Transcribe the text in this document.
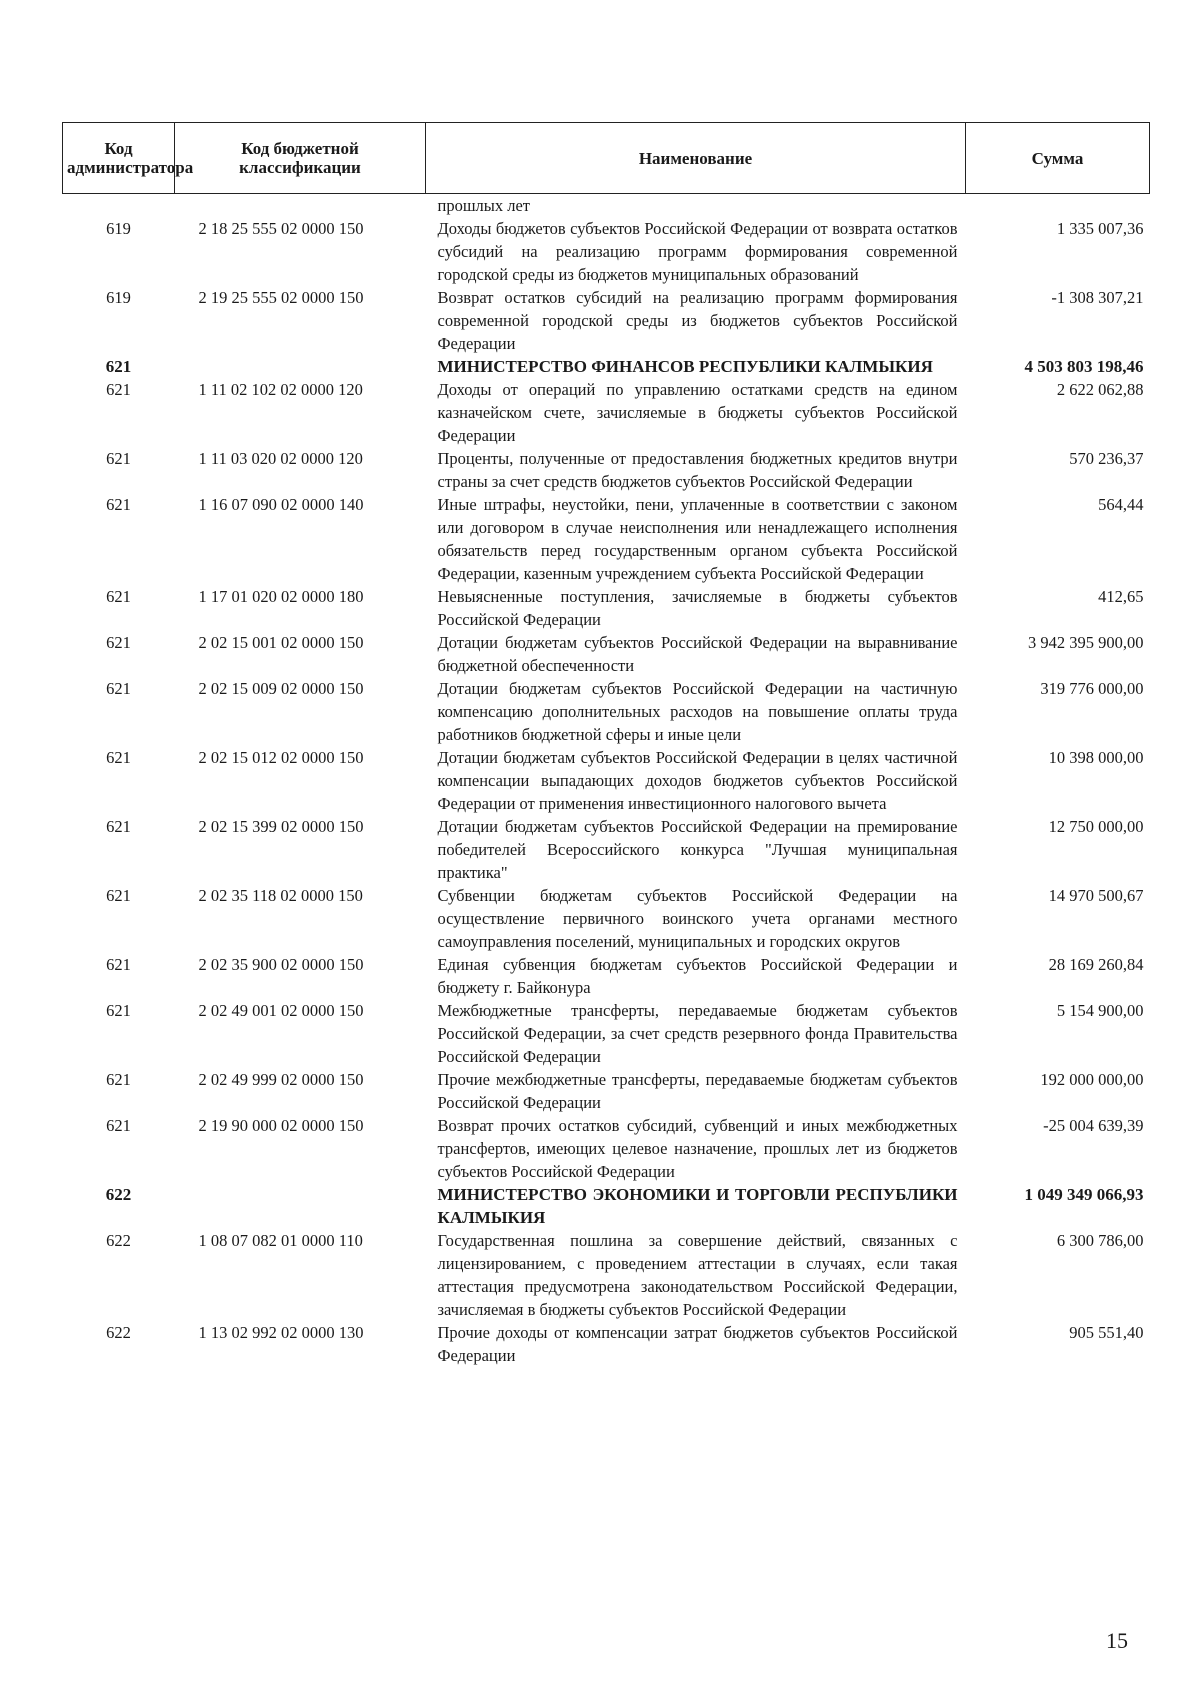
Код администратора	Код бюджетной классификации	Наименование	Сумма
		прошлых лет	
619	2 18 25 555 02 0000 150	Доходы бюджетов субъектов Российской Федерации от возврата остатков субсидий на реализацию программ формирования современной городской среды из бюджетов муниципальных образований	1 335 007,36
619	2 19 25 555 02 0000 150	Возврат остатков субсидий на реализацию программ формирования современной городской среды из бюджетов субъектов Российской Федерации	-1 308 307,21
621		МИНИСТЕРСТВО ФИНАНСОВ РЕСПУБЛИКИ КАЛМЫКИЯ	4 503 803 198,46
621	1 11 02 102 02 0000 120	Доходы от операций по управлению остатками средств на едином казначейском счете, зачисляемые в бюджеты субъектов Российской Федерации	2 622 062,88
621	1 11 03 020 02 0000 120	Проценты, полученные от предоставления бюджетных кредитов внутри страны за счет средств бюджетов субъектов Российской Федерации	570 236,37
621	1 16 07 090 02 0000 140	Иные штрафы, неустойки, пени, уплаченные в соответствии с законом или договором в случае неисполнения или ненадлежащего исполнения обязательств перед государственным органом субъекта Российской Федерации, казенным учреждением субъекта Российской Федерации	564,44
621	1 17 01 020 02 0000 180	Невыясненные поступления, зачисляемые в бюджеты субъектов Российской Федерации	412,65
621	2 02 15 001 02 0000 150	Дотации бюджетам субъектов Российской Федерации на выравнивание бюджетной обеспеченности	3 942 395 900,00
621	2 02 15 009 02 0000 150	Дотации бюджетам субъектов Российской Федерации на частичную компенсацию дополнительных расходов на повышение оплаты труда работников бюджетной сферы и иные цели	319 776 000,00
621	2 02 15 012 02 0000 150	Дотации бюджетам субъектов Российской Федерации в целях частичной компенсации выпадающих доходов бюджетов субъектов Российской Федерации от применения инвестиционного налогового вычета	10 398 000,00
621	2 02 15 399 02 0000 150	Дотации бюджетам субъектов Российской Федерации на премирование победителей Всероссийского конкурса "Лучшая муниципальная практика"	12 750 000,00
621	2 02 35 118 02 0000 150	Субвенции бюджетам субъектов Российской Федерации на осуществление первичного воинского учета органами местного самоуправления поселений, муниципальных и городских округов	14 970 500,67
621	2 02 35 900 02 0000 150	Единая субвенция бюджетам субъектов Российской Федерации и бюджету г. Байконура	28 169 260,84
621	2 02 49 001 02 0000 150	Межбюджетные трансферты, передаваемые бюджетам субъектов Российской Федерации, за счет средств резервного фонда Правительства Российской Федерации	5 154 900,00
621	2 02 49 999 02 0000 150	Прочие межбюджетные трансферты, передаваемые бюджетам субъектов Российской Федерации	192 000 000,00
621	2 19 90 000 02 0000 150	Возврат прочих остатков субсидий, субвенций и иных межбюджетных трансфертов, имеющих целевое назначение, прошлых лет из бюджетов субъектов Российской Федерации	-25 004 639,39
622		МИНИСТЕРСТВО ЭКОНОМИКИ И ТОРГОВЛИ РЕСПУБЛИКИ КАЛМЫКИЯ	1 049 349 066,93
622	1 08 07 082 01 0000 110	Государственная пошлина за совершение действий, связанных с лицензированием, с проведением аттестации в случаях, если такая аттестация предусмотрена законодательством Российской Федерации, зачисляемая в бюджеты субъектов Российской Федерации	6 300 786,00
622	1 13 02 992 02 0000 130	Прочие доходы от компенсации затрат бюджетов субъектов Российской Федерации	905 551,40
15
